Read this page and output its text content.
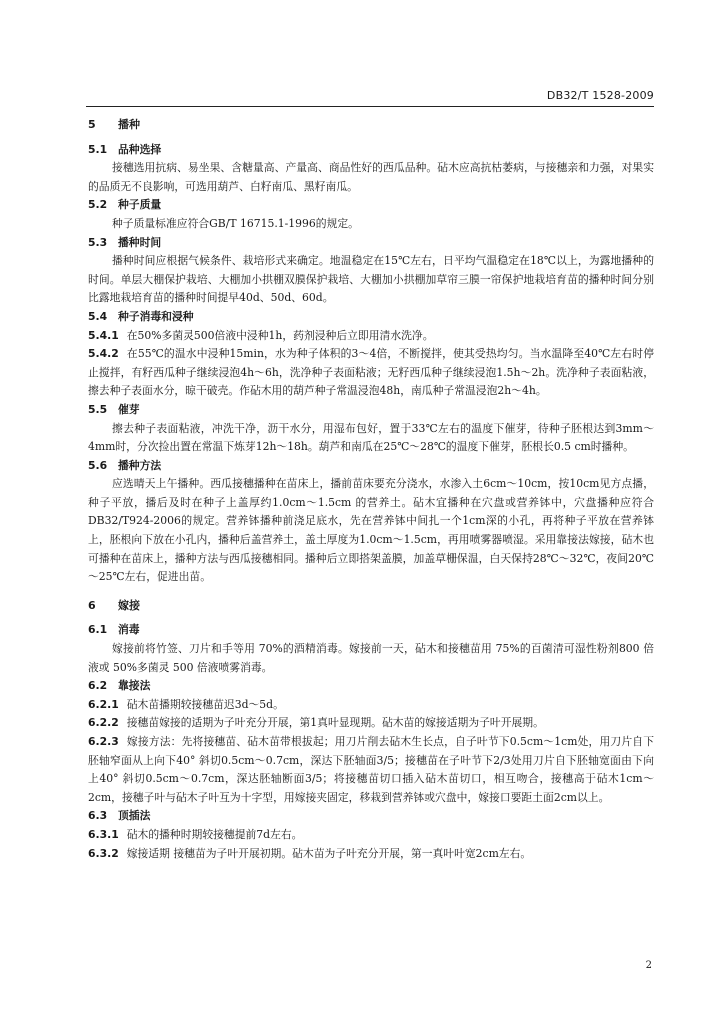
DB32/T 1528-2009
5 播种
5.1 品种选择
接穗选用抗病、易坐果、含糖量高、产量高、商品性好的西瓜品种。砧木应高抗枯萎病，与接穗亲和力强，对果实的品质无不良影响，可选用葫芦、白籽南瓜、黑籽南瓜。
5.2 种子质量
种子质量标准应符合GB/T 16715.1-1996的规定。
5.3 播种时间
播种时间应根据气候条件、栽培形式来确定。地温稳定在15℃左右，日平均气温稳定在18℃以上，为露地播种的时间。单层大棚保护栽培、大棚加小拱棚双膜保护栽培、大棚加小拱棚加草帘三膜一帘保护地栽培育苗的播种时间分别比露地栽培育苗的播种时间提早40d、50d、60d。
5.4 种子消毒和浸种
5.4.1 在50%多菌灵500倍液中浸种1h，药剂浸种后立即用清水洗净。
5.4.2 在55℃的温水中浸种15min，水为种子体积的3～4倍，不断搅拌，使其受热均匀。当水温降至40℃左右时停止搅拌，有籽西瓜种子继续浸泡4h～6h，洗净种子表面粘液；无籽西瓜种子继续浸泡1.5h～2h。洗净种子表面粘液，擦去种子表面水分，晾干破壳。作砧木用的葫芦种子常温浸泡48h，南瓜种子常温浸泡2h～4h。
5.5 催芽
擦去种子表面粘液，冲洗干净，沥干水分，用湿布包好，置于33℃左右的温度下催芽，待种子胚根达到3mm～4mm时，分次捡出置在常温下炼芽12h～18h。葫芦和南瓜在25℃～28℃的温度下催芽，胚根长0.5 cm时播种。
5.6 播种方法
应选晴天上午播种。西瓜接穗播种在苗床上，播前苗床要充分浇水，水渗入土6cm～10cm，按10cm见方点播，种子平放，播后及时在种子上盖厚约1.0cm～1.5cm 的营养土。砧木宜播种在穴盘或营养钵中，穴盘播种应符合DB32/T924-2006的规定。营养钵播种前浇足底水，先在营养钵中间扎一个1cm深的小孔，再将种子平放在营养钵上，胚根向下放在小孔内，播种后盖营养土，盖土厚度为1.0cm～1.5cm，再用喷雾器喷湿。采用靠接法嫁接，砧木也可播种在苗床上，播种方法与西瓜接穗相同。播种后立即搭架盖膜，加盖草栅保温，白天保持28℃～32℃，夜间20℃～25℃左右，促进出苗。
6 嫁接
6.1 消毒
嫁接前将竹签、刀片和手等用 70%的酒精消毒。嫁接前一天，砧木和接穗苗用 75%的百菌清可湿性粉剂800 倍液或 50%多菌灵 500 倍液喷雾消毒。
6.2 靠接法
6.2.1 砧木苗播期较接穗苗迟3d～5d。
6.2.2 接穗苗嫁接的适期为子叶充分开展，第1真叶显现期。砧木苗的嫁接适期为子叶开展期。
6.2.3 嫁接方法：先将接穗苗、砧木苗带根拔起；用刀片削去砧木生长点，自子叶节下0.5cm～1cm处，用刀片自下胚轴窄面从上向下40° 斜切0.5cm～0.7cm，深达下胚轴面3/5；接穗苗在子叶节下2/3处用刀片自下胚轴宽面由下向上40° 斜切0.5cm～0.7cm，深达胚轴断面3/5；将接穗苗切口插入砧木苗切口，相互吻合，接穗高于砧木1cm～2cm，接穗子叶与砧木子叶互为十字型，用嫁接夹固定，移栽到营养钵或穴盘中，嫁接口要距土面2cm以上。
6.3 顶插法
6.3.1 砧木的播种时期较接穗提前7d左右。
6.3.2 嫁接适期 接穗苗为子叶开展初期。砧木苗为子叶充分开展，第一真叶叶宽2cm左右。
2
